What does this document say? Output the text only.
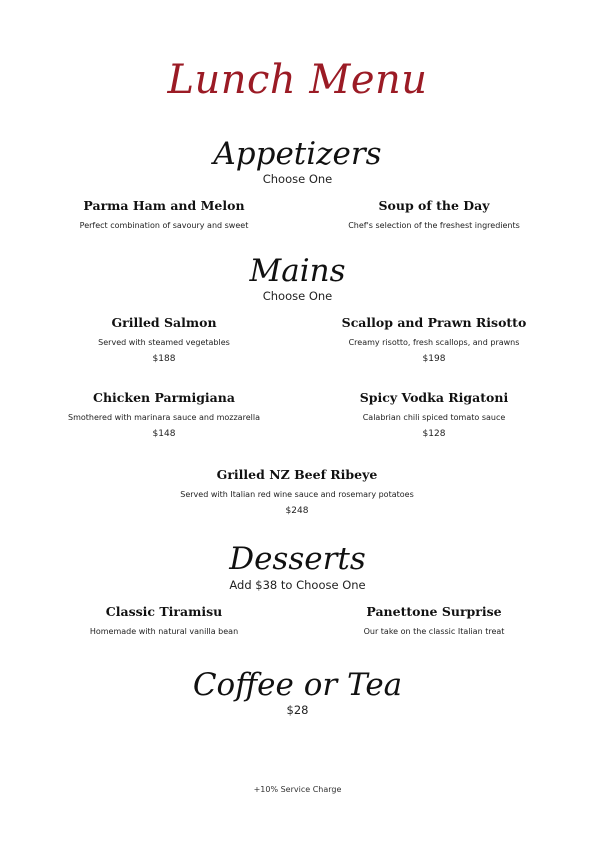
Lunch Menu
Appetizers
Choose One
Parma Ham and Melon
Perfect combination of savoury and sweet
Soup of the Day
Chef's selection of the freshest ingredients
Mains
Choose One
Grilled Salmon
Served with steamed vegetables
$188
Scallop and Prawn Risotto
Creamy risotto, fresh scallops, and prawns
$198
Chicken Parmigiana
Smothered with marinara sauce and mozzarella
$148
Spicy Vodka Rigatoni
Calabrian chili spiced tomato sauce
$128
Grilled NZ Beef Ribeye
Served with Italian red wine sauce and rosemary potatoes
$248
Desserts
Add $38 to Choose One
Classic Tiramisu
Homemade with natural vanilla bean
Panettone Surprise
Our take on the classic Italian treat
Coffee or Tea
$28
+10% Service Charge
